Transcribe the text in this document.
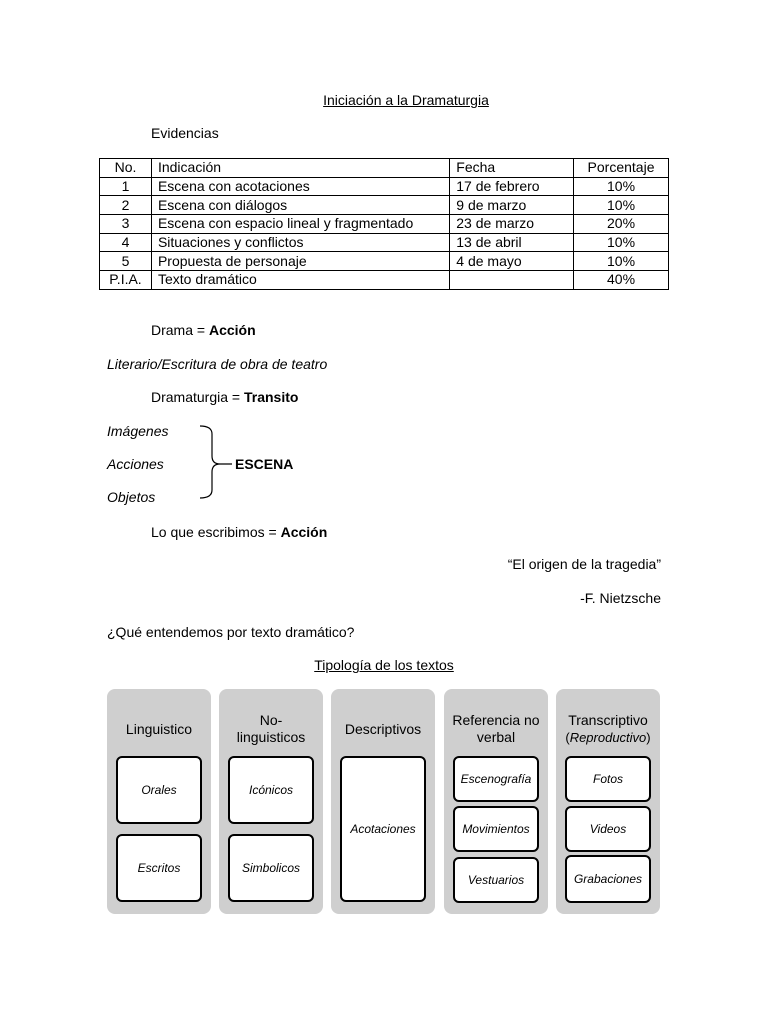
Iniciación a la Dramaturgia
Evidencias
No.	Indicación	Fecha	Porcentaje
1	Escena con acotaciones	17 de febrero	10%
2	Escena con diálogos	9 de marzo	10%
3	Escena con espacio lineal y fragmentado	23 de marzo	20%
4	Situaciones y conflictos	13 de abril	10%
5	Propuesta de personaje	4 de mayo	10%
P.I.A.	Texto dramático		40%
Drama = Acción
Literario/Escritura de obra de teatro
Dramaturgia = Transito
Imágenes
Acciones
Objetos
ESCENA
Lo que escribimos = Acción
“El origen de la tragedia”
-F. Nietzsche
¿Qué entendemos por texto dramático?
Tipología de los textos
Linguistico
Orales
Escritos
No-
linguisticos
Icónicos
Simbolicos
Descriptivos
Acotaciones
Referencia no
verbal
Escenografía
Movimientos
Vestuarios
Transcriptivo
(Reproductivo)
Fotos
Videos
Grabaciones
